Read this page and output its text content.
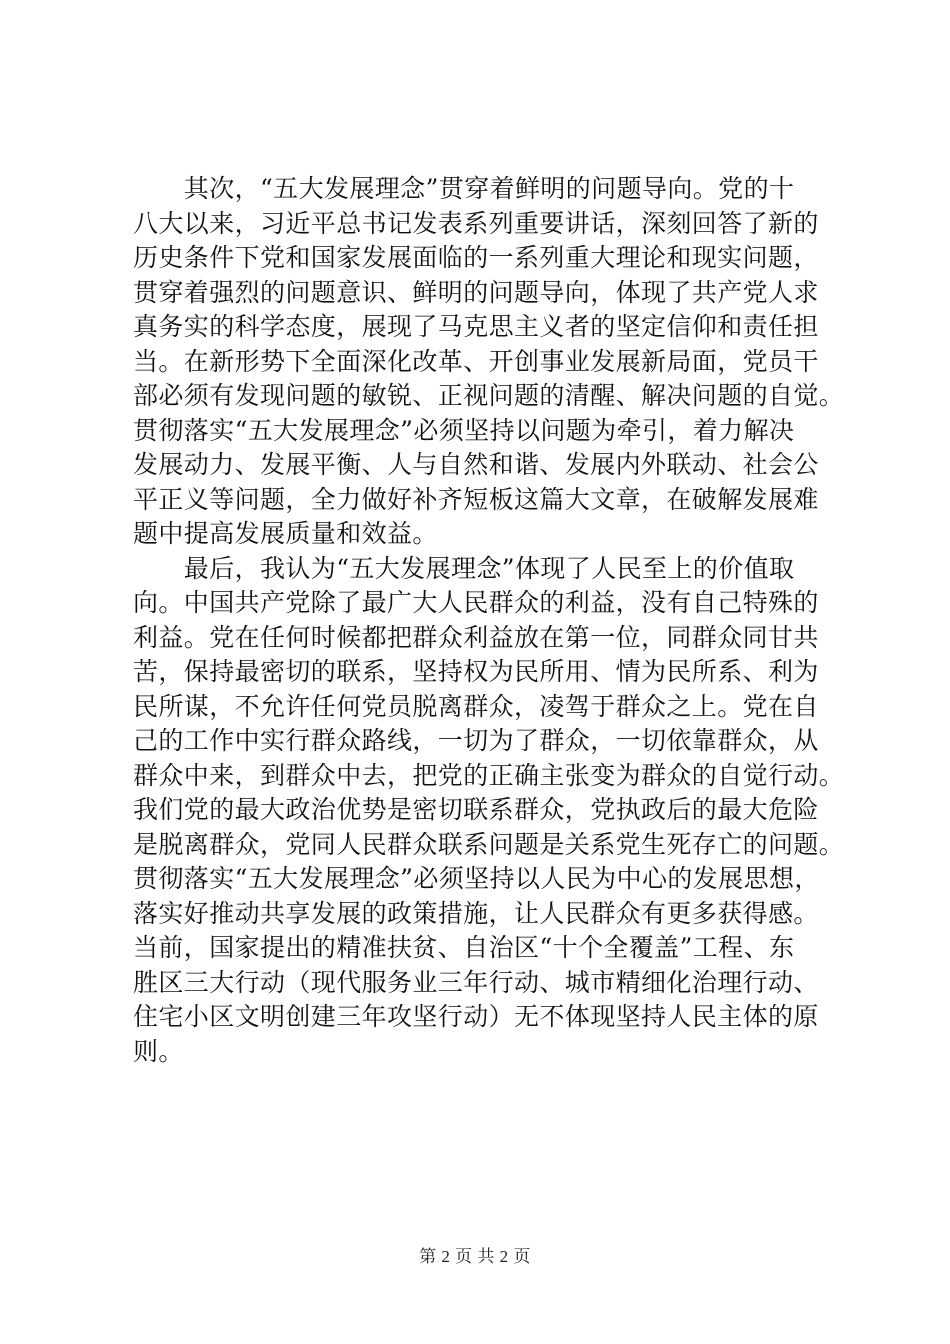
　　其次，“五大发展理念”贯穿着鲜明的问题导向。党的十
八大以来，习近平总书记发表系列重要讲话，深刻回答了新的
历史条件下党和国家发展面临的一系列重大理论和现实问题，
贯穿着强烈的问题意识、鲜明的问题导向，体现了共产党人求
真务实的科学态度，展现了马克思主义者的坚定信仰和责任担
当。在新形势下全面深化改革、开创事业发展新局面，党员干
部必须有发现问题的敏锐、正视问题的清醒、解决问题的自觉。
贯彻落实“五大发展理念”必须坚持以问题为牵引，着力解决
发展动力、发展平衡、人与自然和谐、发展内外联动、社会公
平正义等问题，全力做好补齐短板这篇大文章，在破解发展难
题中提高发展质量和效益。
　　最后，我认为“五大发展理念”体现了人民至上的价值取
向。中国共产党除了最广大人民群众的利益，没有自己特殊的
利益。党在任何时候都把群众利益放在第一位，同群众同甘共
苦，保持最密切的联系，坚持权为民所用、情为民所系、利为
民所谋，不允许任何党员脱离群众，凌驾于群众之上。党在自
己的工作中实行群众路线，一切为了群众，一切依靠群众，从
群众中来，到群众中去，把党的正确主张变为群众的自觉行动。
我们党的最大政治优势是密切联系群众，党执政后的最大危险
是脱离群众，党同人民群众联系问题是关系党生死存亡的问题。
贯彻落实“五大发展理念”必须坚持以人民为中心的发展思想，
落实好推动共享发展的政策措施，让人民群众有更多获得感。
当前，国家提出的精准扶贫、自治区“十个全覆盖”工程、东
胜区三大行动（现代服务业三年行动、城市精细化治理行动、
住宅小区文明创建三年攻坚行动）无不体现坚持人民主体的原
则。
第 2 页 共 2 页
